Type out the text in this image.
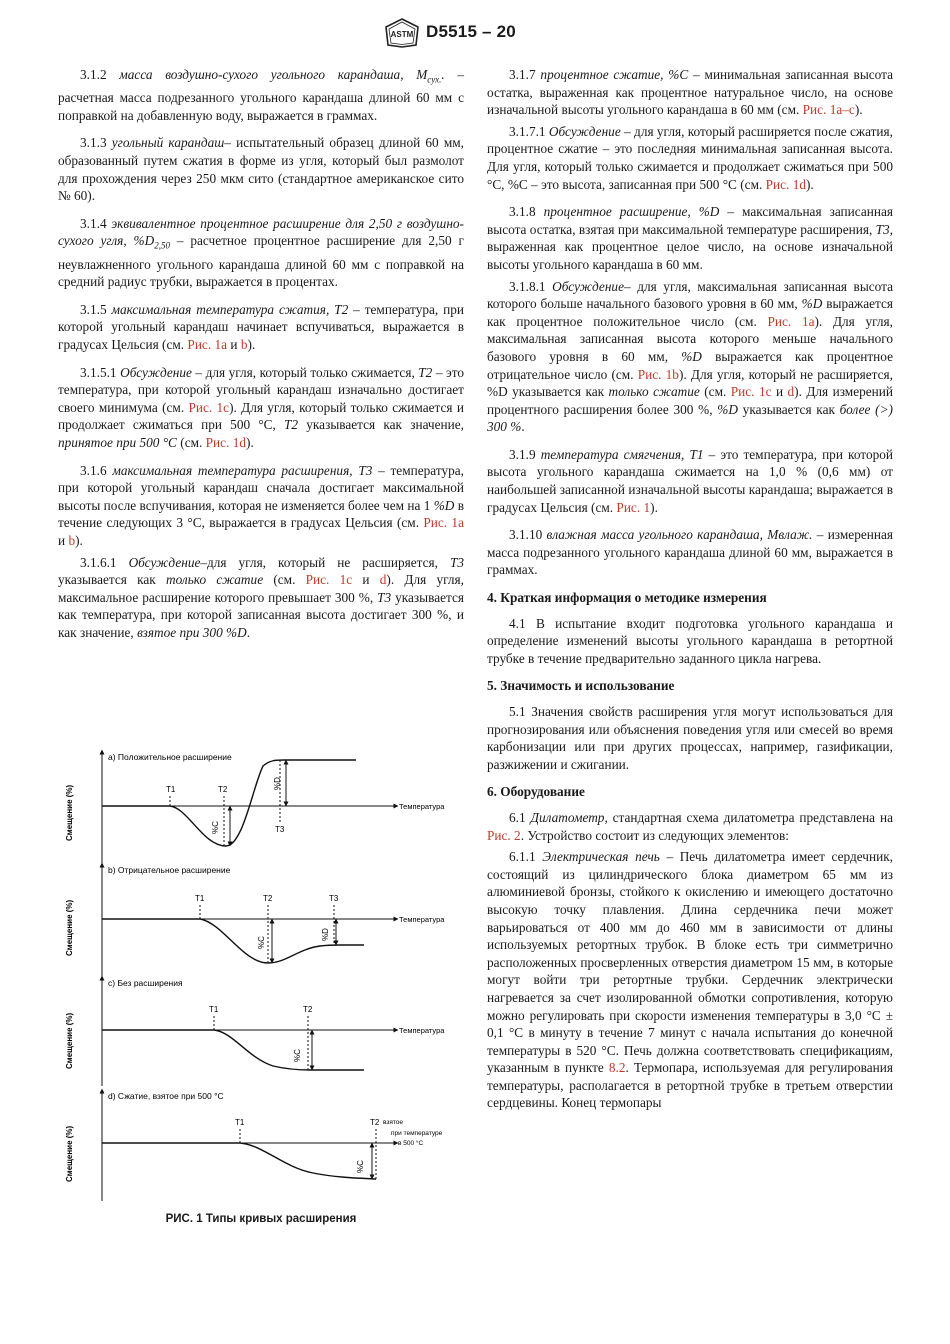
ASTM D5515 – 20

3.1.2 масса воздушно-сухого угольного карандаша, $M_{сух.}$. – расчетная масса подрезанного угольного карандаша длиной 60 мм с поправкой на добавленную воду, выражается в граммах.

3.1.3 угольный карандаш– испытательный образец длиной 60 мм, образованный путем сжатия в форме из угля, который был размолот для прохождения через 250 мкм сито (стандартное американское сито № 60).

3.1.4 эквивалентное процентное расширение для 2,50 г воздушно-сухого угля, $\%D_{2,50}$ – расчетное процентное расширение для 2,50 г неувлажненного угольного карандаша длиной 60 мм с поправкой на средний радиус трубки, выражается в процентах.

3.1.5 максимальная температура сжатия, T2 – температура, при которой угольный карандаш начинает вспучиваться, выражается в градусах Цельсия (см. Рис. 1a и b).

3.1.5.1 Обсуждение – для угля, который только сжимается, T2 – это температура, при которой угольный карандаш изначально достигает своего минимума (см. Рис. 1c). Для угля, который только сжимается и продолжает сжиматься при 500 °C, T2 указывается как значение, принятое при 500 °C (см. Рис. 1d).

3.1.6 максимальная температура расширения, T3 – температура, при которой угольный карандаш сначала достигает максимальной высоты после вспучивания, которая не изменяется более чем на 1 %D в течение следующих 3 °C, выражается в градусах Цельсия (см. Рис. 1a и b).

3.1.6.1 Обсуждение–для угля, который не расширяется, T3 указывается как только сжатие (см. Рис. 1c и d). Для угля, максимальное расширение которого превышает 300 %, T3 указывается как температура, при которой записанная высота достигает 300 %, и как значение, взятое при 300 %D.

a) Положительное расширение
Температура
Смещение (%)	T1	T2
T3
%C
%D
b) Отрицательное расширение
Температура
Смещение (%)
T1	T2	T3
%C
%D
c) Без расширения
Температура
Смещение (%)
T1	T2
%C
d) Сжатие, взятое при 500 °C
Смещение (%)
T1	T2 взятое
при температуре
в 500 °C
%C
РИС. 1 Типы кривых расширения

3.1.7 процентное сжатие, %C – минимальная записанная высота остатка, выраженная как процентное натуральное число, на основе изначальной высоты угольного карандаша в 60 мм (см. Рис. 1a–c).

3.1.7.1 Обсуждение – для угля, который расширяется после сжатия, процентное сжатие – это последняя минимальная записанная высота. Для угля, который только сжимается и продолжает сжиматься при 500 °C, %C – это высота, записанная при 500 °C (см. Рис. 1d).

3.1.8 процентное расширение, %D – максимальная записанная высота остатка, взятая при максимальной температуре расширения, T3, выраженная как процентное целое число, на основе изначальной высоты угольного карандаша в 60 мм.

3.1.8.1 Обсуждение– для угля, максимальная записанная высота которого больше начального базового уровня в 60 мм, %D выражается как процентное положительное число (см. Рис. 1a). Для угля, максимальная записанная высота которого меньше начального базового уровня в 60 мм, %D выражается как процентное отрицательное число (см. Рис. 1b). Для угля, который не расширяется, %D указывается как только сжатие (см. Рис. 1c и d). Для измерений процентного расширения более 300 %, %D указывается как более (>) 300 %.

3.1.9 температура смягчения, T1 – это температура, при которой высота угольного карандаша сжимается на 1,0 % (0,6 мм) от наибольшей записанной изначальной высоты карандаша; выражается в градусах Цельсия (см. Рис. 1).

3.1.10 влажная масса угольного карандаша, Mвлаж. – измеренная масса подрезанного угольного карандаша длиной 60 мм, выражается в граммах.

4. Краткая информация о методике измерения

4.1 В испытание входит подготовка угольного карандаша и определение изменений высоты угольного карандаша в ретортной трубке в течение предварительно заданного цикла нагрева.

5. Значимость и использование

5.1 Значения свойств расширения угля могут использоваться для прогнозирования или объяснения поведения угля или смесей во время карбонизации или при других процессах, например, газификации, разжижении и сжигании.

6. Оборудование

6.1 Дилатометр, стандартная схема дилатометра представлена на Рис. 2. Устройство состоит из следующих элементов:

6.1.1 Электрическая печь – Печь дилатометра имеет сердечник, состоящий из цилиндрического блока диаметром 65 мм из алюминиевой бронзы, стойкого к окислению и имеющего достаточно высокую точку плавления. Длина сердечника печи может варьироваться от 400 мм до 460 мм в зависимости от длины используемых ретортных трубок. В блоке есть три симметрично расположенных просверленных отверстия диаметром 15 мм, в которые могут войти три ретортные трубки. Сердечник электрически нагревается за счет изолированной обмотки сопротивления, которую можно регулировать при скорости изменения температуры в 3,0 °C ± 0,1 °C в минуту в течение 7 минут с начала испытания до конечной температуры в 520 °C. Печь должна соответствовать спецификациям, указанным в пункте 8.2. Термопара, используемая для регулирования температуры, располагается в ретортной трубке в третьем отверстии сердцевины. Конец термопары
